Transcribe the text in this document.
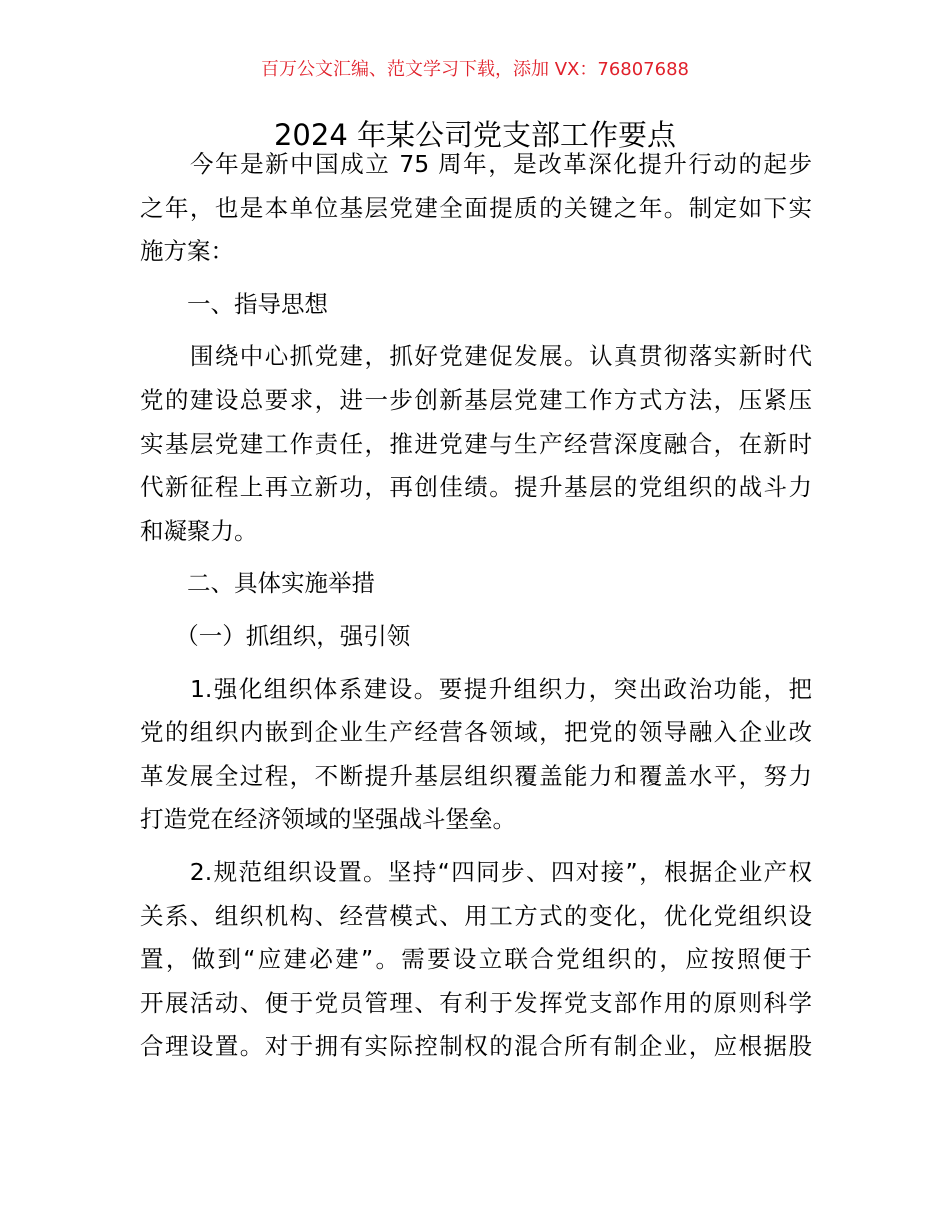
百万公文汇编、范文学习下载，添加 VX：76807688
2024 年某公司党支部工作要点
　　今年是新中国成立 75 周年，是改革深化提升行动的起步
之年，也是本单位基层党建全面提质的关键之年。制定如下实
施方案：
　　一、指导思想
　　围绕中心抓党建，抓好党建促发展。认真贯彻落实新时代
党的建设总要求，进一步创新基层党建工作方式方法，压紧压
实基层党建工作责任，推进党建与生产经营深度融合，在新时
代新征程上再立新功，再创佳绩。提升基层的党组织的战斗力
和凝聚力。
　　二、具体实施举措
　　（一）抓组织，强引领
　　1.强化组织体系建设。要提升组织力，突出政治功能，把
党的组织内嵌到企业生产经营各领域，把党的领导融入企业改
革发展全过程，不断提升基层组织覆盖能力和覆盖水平，努力
打造党在经济领域的坚强战斗堡垒。
　　2.规范组织设置。坚持“四同步、四对接”，根据企业产权
关系、组织机构、经营模式、用工方式的变化，优化党组织设
置，做到“应建必建”。需要设立联合党组织的，应按照便于
开展活动、便于党员管理、有利于发挥党支部作用的原则科学
合理设置。对于拥有实际控制权的混合所有制企业，应根据股
